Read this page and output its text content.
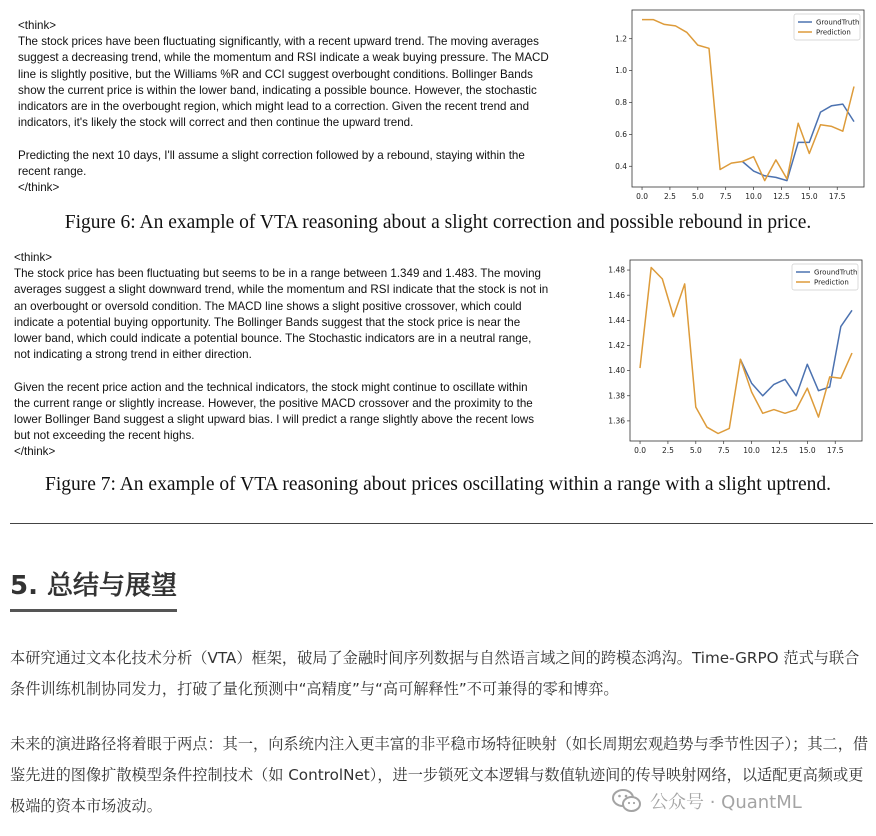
<think>
The stock prices have been fluctuating significantly, with a recent upward trend. The moving averages
suggest a decreasing trend, while the momentum and RSI indicate a weak buying pressure. The MACD
line is slightly positive, but the Williams %R and CCI suggest overbought conditions. Bollinger Bands
show the current price is within the lower band, indicating a possible bounce. However, the stochastic
indicators are in the overbought region, which might lead to a correction. Given the recent trend and
indicators, it's likely the stock will correct and then continue the upward trend.

Predicting the next 10 days, I'll assume a slight correction followed by a rebound, staying within the
recent range.
</think>
0.0 2.5 5.0 7.5 10.0 12.5 15.0 17.5
0.4
0.6
0.8
1.0
1.2
GroundTruth
Prediction
Figure 6: An example of VTA reasoning about a slight correction and possible rebound in price.
<think>
The stock price has been fluctuating but seems to be in a range between 1.349 and 1.483. The moving
averages suggest a slight downward trend, while the momentum and RSI indicate that the stock is not in
an overbought or oversold condition. The MACD line shows a slight positive crossover, which could
indicate a potential buying opportunity. The Bollinger Bands suggest that the stock price is near the
lower band, which could indicate a potential bounce. The Stochastic indicators are in a neutral range,
not indicating a strong trend in either direction.

Given the recent price action and the technical indicators, the stock might continue to oscillate within
the current range or slightly increase. However, the positive MACD crossover and the proximity to the
lower Bollinger Band suggest a slight upward bias. I will predict a range slightly above the recent lows
but not exceeding the recent highs.
</think>	0.0 2.5 5.0 7.5 10.0 12.5 15.0 17.5
1.36
1.38
1.40
1.42
1.44
1.46
1.48	GroundTruth
Prediction
Figure 7: An example of VTA reasoning about prices oscillating within a range with a slight uptrend.
5. 总结与展望
本研究通过文本化技术分析（VTA）框架，破局了金融时间序列数据与自然语言域之间的跨模态鸿沟。Time-GRPO 范式与联合条件训练机制协同发力，打破了量化预测中“高精度”与“高可解释性”不可兼得的零和博弈。
未来的演进路径将着眼于两点：其一，向系统内注入更丰富的非平稳市场特征映射（如长周期宏观趋势与季节性因子）；其二，借鉴先进的图像扩散模型条件控制技术（如 ControlNet），进一步锁死文本逻辑与数值轨迹间的传导映射网络，以适配更高频或更极端的资本市场波动。	公众号 · QuantML
